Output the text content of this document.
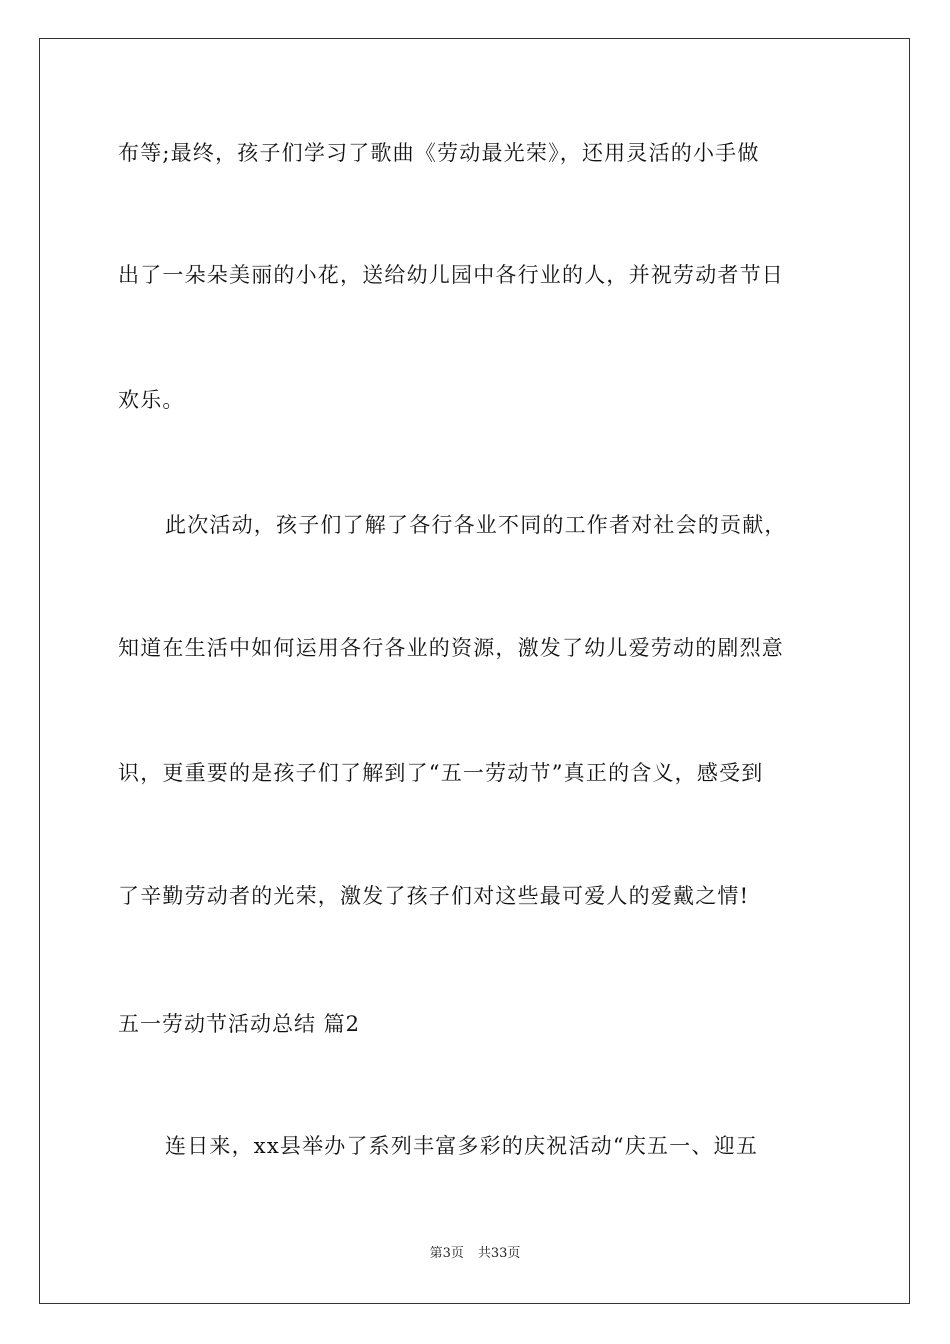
布等;最终，孩子们学习了歌曲《劳动最光荣》，还用灵活的小手做
出了一朵朵美丽的小花，送给幼儿园中各行业的人，并祝劳动者节日
欢乐。
此次活动，孩子们了解了各行各业不同的工作者对社会的贡献，
知道在生活中如何运用各行各业的资源，激发了幼儿爱劳动的剧烈意
识，更重要的是孩子们了解到了“五一劳动节”真正的含义，感受到
了辛勤劳动者的光荣，激发了孩子们对这些最可爱人的爱戴之情!
五一劳动节活动总结 篇2
连日来，xx县举办了系列丰富多彩的庆祝活动“庆五一、迎五
第3页 共33页
